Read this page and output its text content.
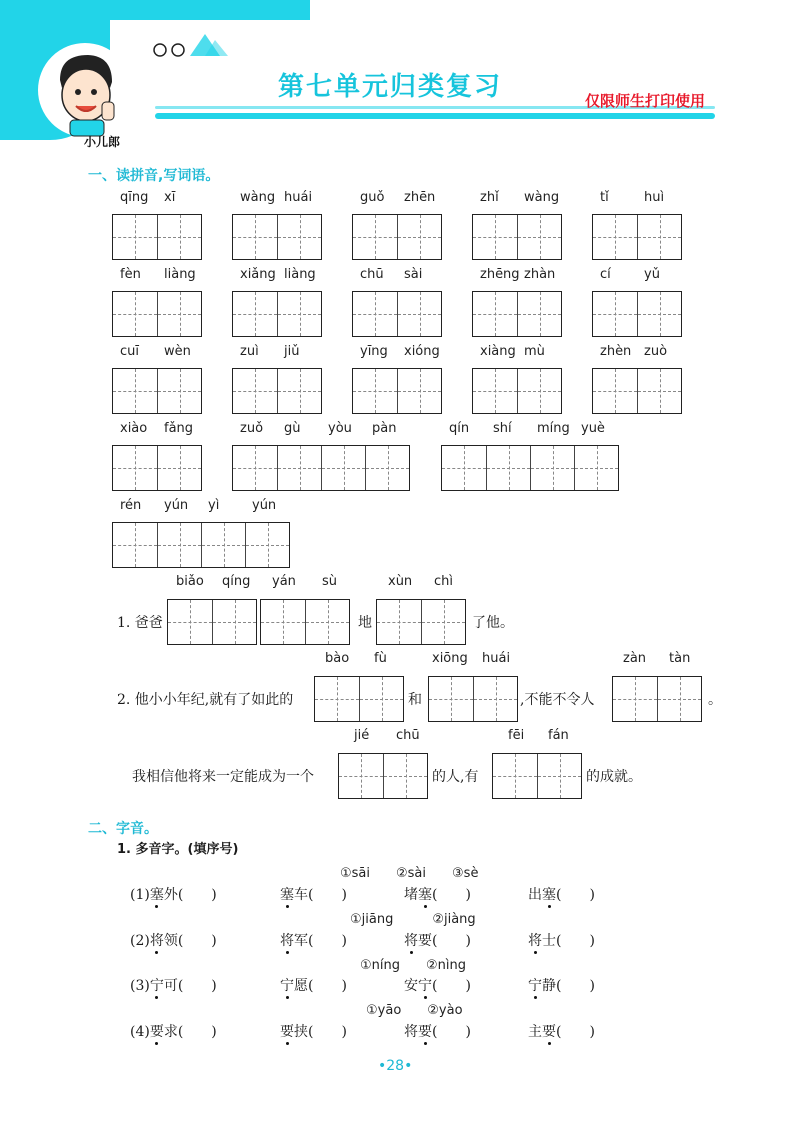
第七单元归类复习	仅限师生打印使用
小儿郎
一、读拼音,写词语。
qīng xī	wàng huái	guǒ zhēn	zhǐ wàng	tǐ	huì
fèn liàng	xiǎng liàng	chū sài	zhēng zhàn	cí	yǔ
cuī wèn	zuì jiǔ	yīng xióng	xiàng mù	zhèn zuò
xiào fǎng	zuǒ gù yòu pàn	qín shí míng yuè
rén yún yì	yún
biǎo qíng yán sù	xùn chì
1. 爸爸	地	了他。
bào fù	xiōng huái	zàn tàn
2. 他小小年纪,就有了如此的	和	,不能不令人	。
jié chū	fēi fán
我相信他将来一定能成为一个	的人,有	的成就。
二、字音。
1. 多音字。(填序号)
①sāi　　②sài　　③sè
①jiāng　　　②jiàng
①níng　　②nìng
①yāo　　②yào
(1)塞外(　　)	塞车(　　)	堵塞(　　)	出塞(　　)
(2)将领(　　)	将军(　　)	将要(　　)	将士(　　)
(3)宁可(　　)	宁愿(　　)	安宁(　　)	宁静(　　)
(4)要求(　　)	要挟(　　)	将要(　　)	主要(　　)
•28•
